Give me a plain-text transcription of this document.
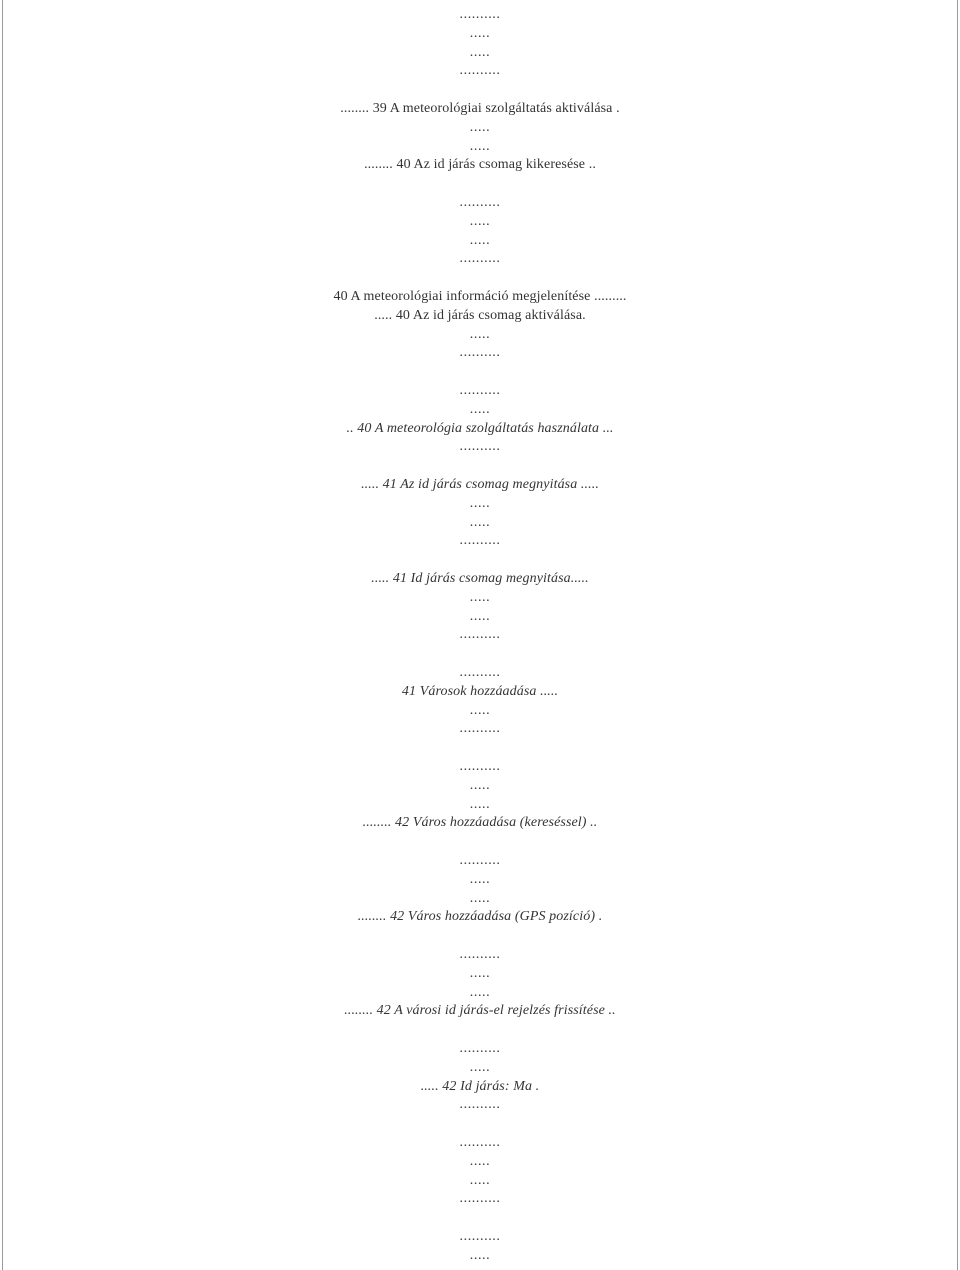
..........
.....
.....
..........
........ 39 A meteorológiai szolgáltatás aktiválása .
.....
.....
........ 40 Az id járás csomag kikeresése ..
..........
.....
.....
..........
40 A meteorológiai információ megjelenítése .........
..... 40 Az id járás csomag aktiválása.
.....
..........
..........
.....
.. 40 A meteorológia szolgáltatás használata ...
..........
..... 41 Az id járás csomag megnyitása .....
.....
.....
..........
..... 41 Id járás csomag megnyitása.....
.....
.....
..........
..........
41 Városok hozzáadása .....
.....
..........
..........
.....
.....
........ 42 Város hozzáadása (kereséssel) ..
..........
.....
.....
........ 42 Város hozzáadása (GPS pozíció) .
..........
.....
.....
........ 42 A városi id járás-el rejelzés frissítése ..
..........
.....
..... 42 Id járás: Ma .
..........
..........
.....
.....
..........
..........
.....
